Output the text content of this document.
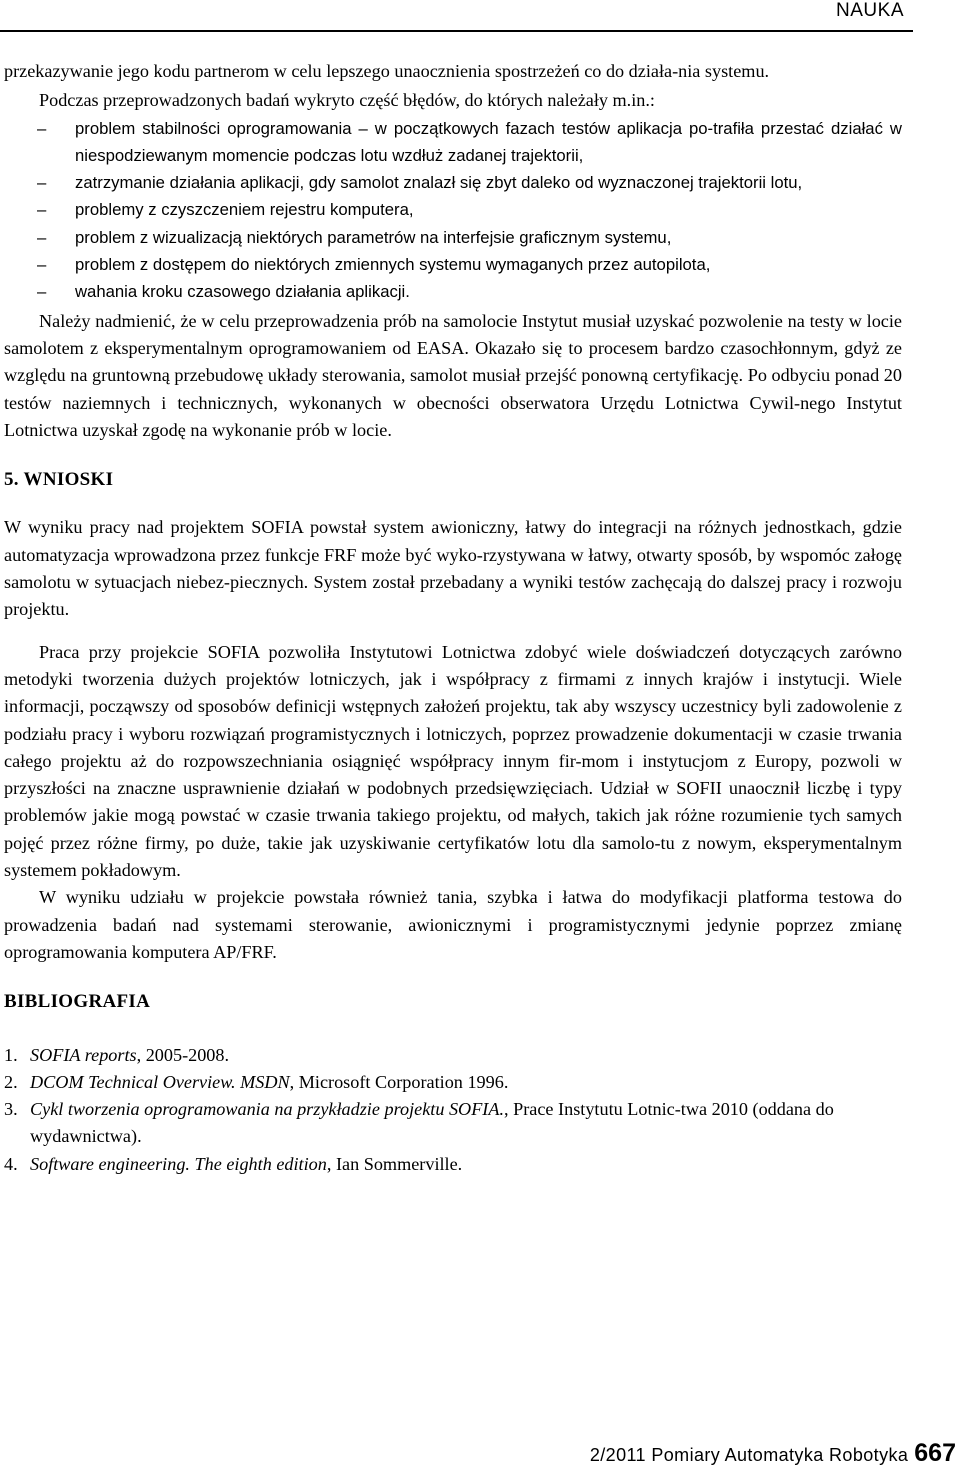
NAUKA

przekazywanie jego kodu partnerom w celu lepszego unaocznienia spostrzeżeń co do działa-nia systemu.

Podczas przeprowadzonych badań wykryto część błędów, do których należały m.in.:

– problem stabilności oprogramowania – w początkowych fazach testów aplikacja po-trafiła przestać działać w niespodziewanym momencie podczas lotu wzdłuż zadanej trajektorii,
– zatrzymanie działania aplikacji, gdy samolot znalazł się zbyt daleko od wyznaczonej trajektorii lotu,
– problemy z czyszczeniem rejestru komputera,
– problem z wizualizacją niektórych parametrów na interfejsie graficznym systemu,
– problem z dostępem do niektórych zmiennych systemu wymaganych przez autopilota,
– wahania kroku czasowego działania aplikacji.

Należy nadmienić, że w celu przeprowadzenia prób na samolocie Instytut musiał uzyskać pozwolenie na testy w locie samolotem z eksperymentalnym oprogramowaniem od EASA. Okazało się to procesem bardzo czasochłonnym, gdyż ze względu na gruntowną przebudowę układy sterowania, samolot musiał przejść ponowną certyfikację. Po odbyciu ponad 20 testów naziemnych i technicznych, wykonanych w obecności obserwatora Urzędu Lotnictwa Cywil-nego Instytut Lotnictwa uzyskał zgodę na wykonanie prób w locie.

5. WNIOSKI

W wyniku pracy nad projektem SOFIA powstał system awioniczny, łatwy do integracji na różnych jednostkach, gdzie automatyzacja wprowadzona przez funkcje FRF może być wyko-rzystywana w łatwy, otwarty sposób, by wspomóc załogę samolotu w sytuacjach niebez-piecznych. System został przebadany a wyniki testów zachęcają do dalszej pracy i rozwoju projektu.

Praca przy projekcie SOFIA pozwoliła Instytutowi Lotnictwa zdobyć wiele doświadczeń dotyczących zarówno metodyki tworzenia dużych projektów lotniczych, jak i współpracy z firmami z innych krajów i instytucji. Wiele informacji, począwszy od sposobów definicji wstępnych założeń projektu, tak aby wszyscy uczestnicy byli zadowolenie z podziału pracy i wyboru rozwiązań programistycznych i lotniczych, poprzez prowadzenie dokumentacji w czasie trwania całego projektu aż do rozpowszechniania osiągnięć współpracy innym fir-mom i instytucjom z Europy, pozwoli w przyszłości na znaczne usprawnienie działań w podobnych przedsięwzięciach. Udział w SOFII unaocznił liczbę i typy problemów jakie mogą powstać w czasie trwania takiego projektu, od małych, takich jak różne rozumienie tych samych pojęć przez różne firmy, po duże, takie jak uzyskiwanie certyfikatów lotu dla samolo-tu z nowym, eksperymentalnym systemem pokładowym.

W wyniku udziału w projekcie powstała również tania, szybka i łatwa do modyfikacji platforma testowa do prowadzenia badań nad systemami sterowanie, awionicznymi i programistycznymi jedynie poprzez zmianę oprogramowania komputera AP/FRF.

BIBLIOGRAFIA
1. SOFIA reports, 2005-2008.
2. DCOM Technical Overview. MSDN, Microsoft Corporation 1996.
3. Cykl tworzenia oprogramowania na przykładzie projektu SOFIA., Prace Instytutu Lotnic-twa 2010 (oddana do wydawnictwa).
4. Software engineering. The eighth edition, Ian Sommerville.
2/2011 Pomiary Automatyka Robotyka 667
